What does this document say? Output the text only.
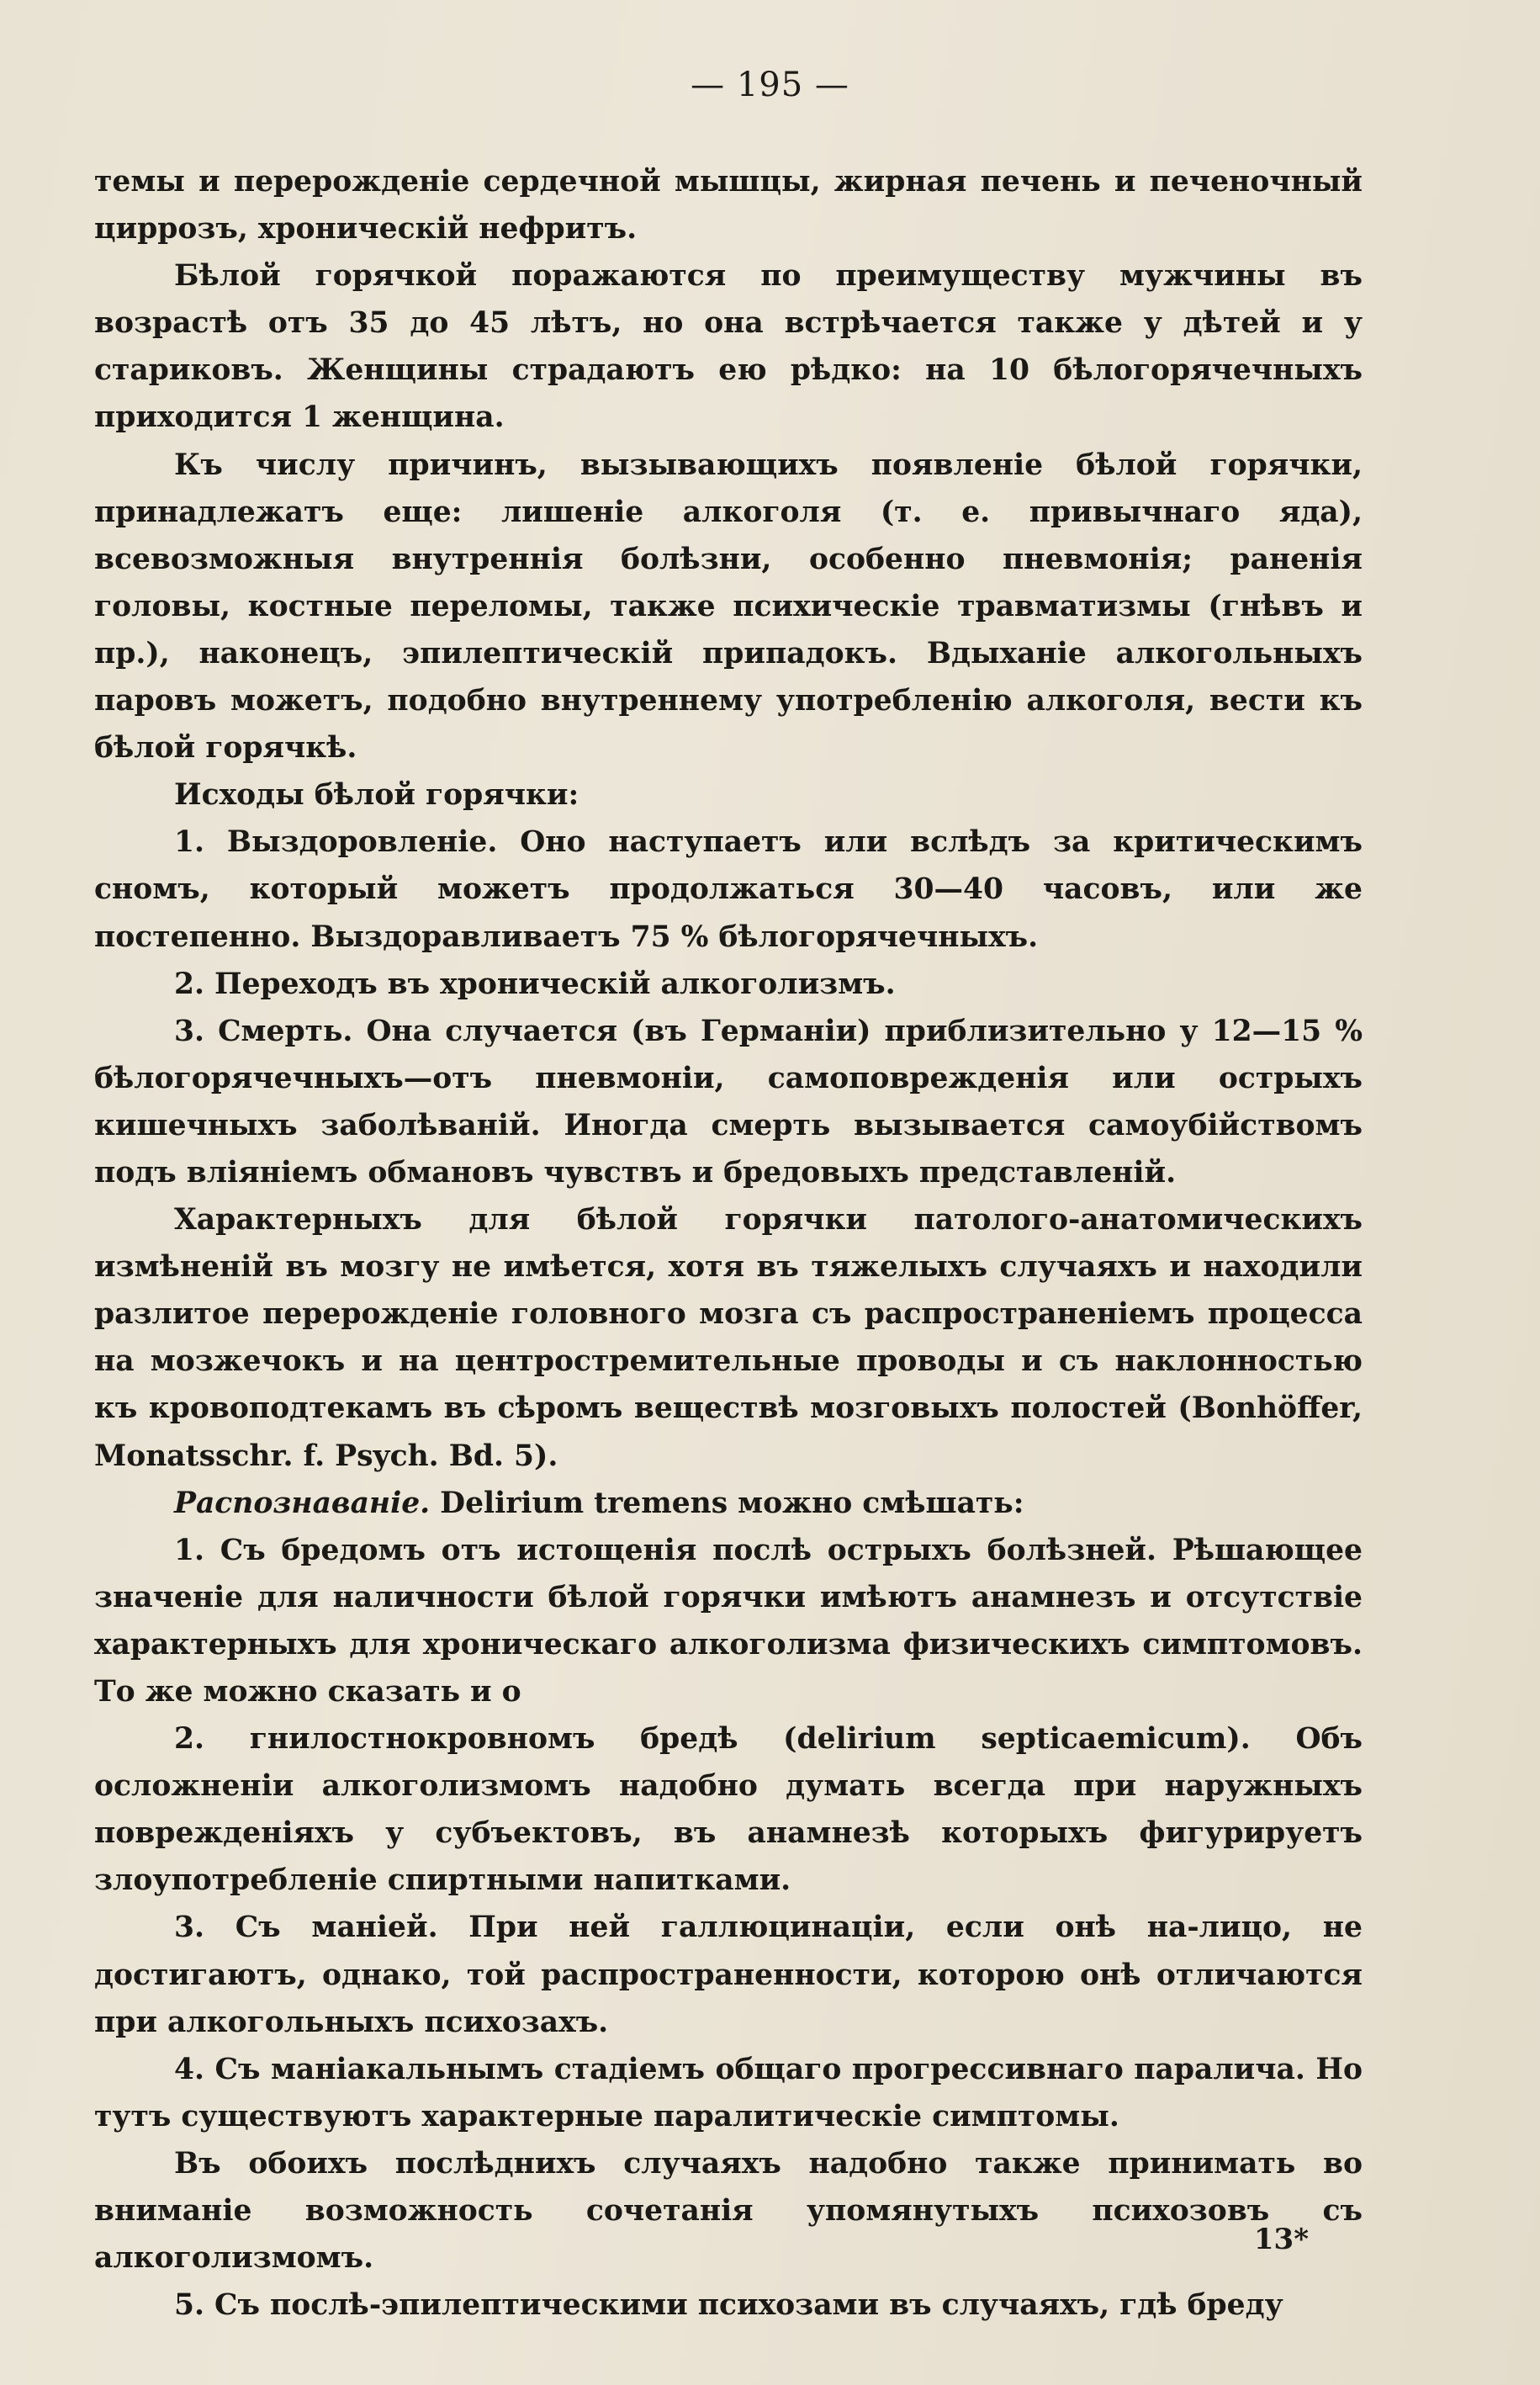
— 195 —

темы и перерожденіе сердечной мышцы, жирная печень и печеночный циррозъ, хроническій нефритъ.

Бѣлой горячкой поражаются по преимуществу мужчины въ возрастѣ отъ 35 до 45 лѣтъ, но она встрѣчается также у дѣтей и у стариковъ. Женщины страдаютъ ею рѣдко: на 10 бѣлогорячечныхъ приходится 1 женщина.

Къ числу причинъ, вызывающихъ появленіе бѣлой горячки, принадлежатъ еще: лишеніе алкоголя (т. е. привычнаго яда), всевозможныя внутреннія болѣзни, особенно пневмонія; раненія головы, костные переломы, также психическіе травматизмы (гнѣвъ и пр.), наконецъ, эпилептическій припадокъ. Вдыханіе алкогольныхъ паровъ можетъ, подобно внутреннему употребленію алкоголя, вести къ бѣлой горячкѣ.

Исходы бѣлой горячки:

1. Выздоровленіе. Оно наступаетъ или вслѣдъ за критическимъ сномъ, который можетъ продолжаться 30—40 часовъ, или же постепенно. Выздоравливаетъ 75 % бѣлогорячечныхъ.

2. Переходъ въ хроническій алкоголизмъ.

3. Смерть. Она случается (въ Германіи) приблизительно у 12—15 % бѣлогорячечныхъ—отъ пневмоніи, самоповрежденія или острыхъ кишечныхъ заболѣваній. Иногда смерть вызывается самоубійствомъ подъ вліяніемъ обмановъ чувствъ и бредовыхъ представленій.

Характерныхъ для бѣлой горячки патолого-анатомическихъ измѣненій въ мозгу не имѣется, хотя въ тяжелыхъ случаяхъ и находили разлитое перерожденіе головного мозга съ распространеніемъ процесса на мозжечокъ и на центростремительные проводы и съ наклонностью къ кровоподтекамъ въ сѣромъ веществѣ мозговыхъ полостей (Bonhöffer, Monatsschr. f. Psych. Bd. 5).

Распознаваніе. Delirium tremens можно смѣшать:

1. Съ бредомъ отъ истощенія послѣ острыхъ болѣзней. Рѣшающее значеніе для наличности бѣлой горячки имѣютъ анамнезъ и отсутствіе характерныхъ для хроническаго алкоголизма физическихъ симптомовъ. То же можно сказать и о

2. гнилостнокровномъ бредѣ (delirium septicaemicum). Объ осложненіи алкоголизмомъ надобно думать всегда при наружныхъ поврежденіяхъ у субъектовъ, въ анамнезѣ которыхъ фигурируетъ злоупотребленіе спиртными напитками.

3. Съ маніей. При ней галлюцинаціи, если онѣ на-лицо, не достигаютъ, однако, той распространенности, которою онѣ отличаются при алкогольныхъ психозахъ.

4. Съ маніакальнымъ стадіемъ общаго прогрессивнаго паралича. Но тутъ существуютъ характерные паралитическіе симптомы.

Въ обоихъ послѣднихъ случаяхъ надобно также принимать во вниманіе возможность сочетанія упомянутыхъ психозовъ съ алкоголизмомъ.

5. Съ послѣ-эпилептическими психозами въ случаяхъ, гдѣ бреду

13*
